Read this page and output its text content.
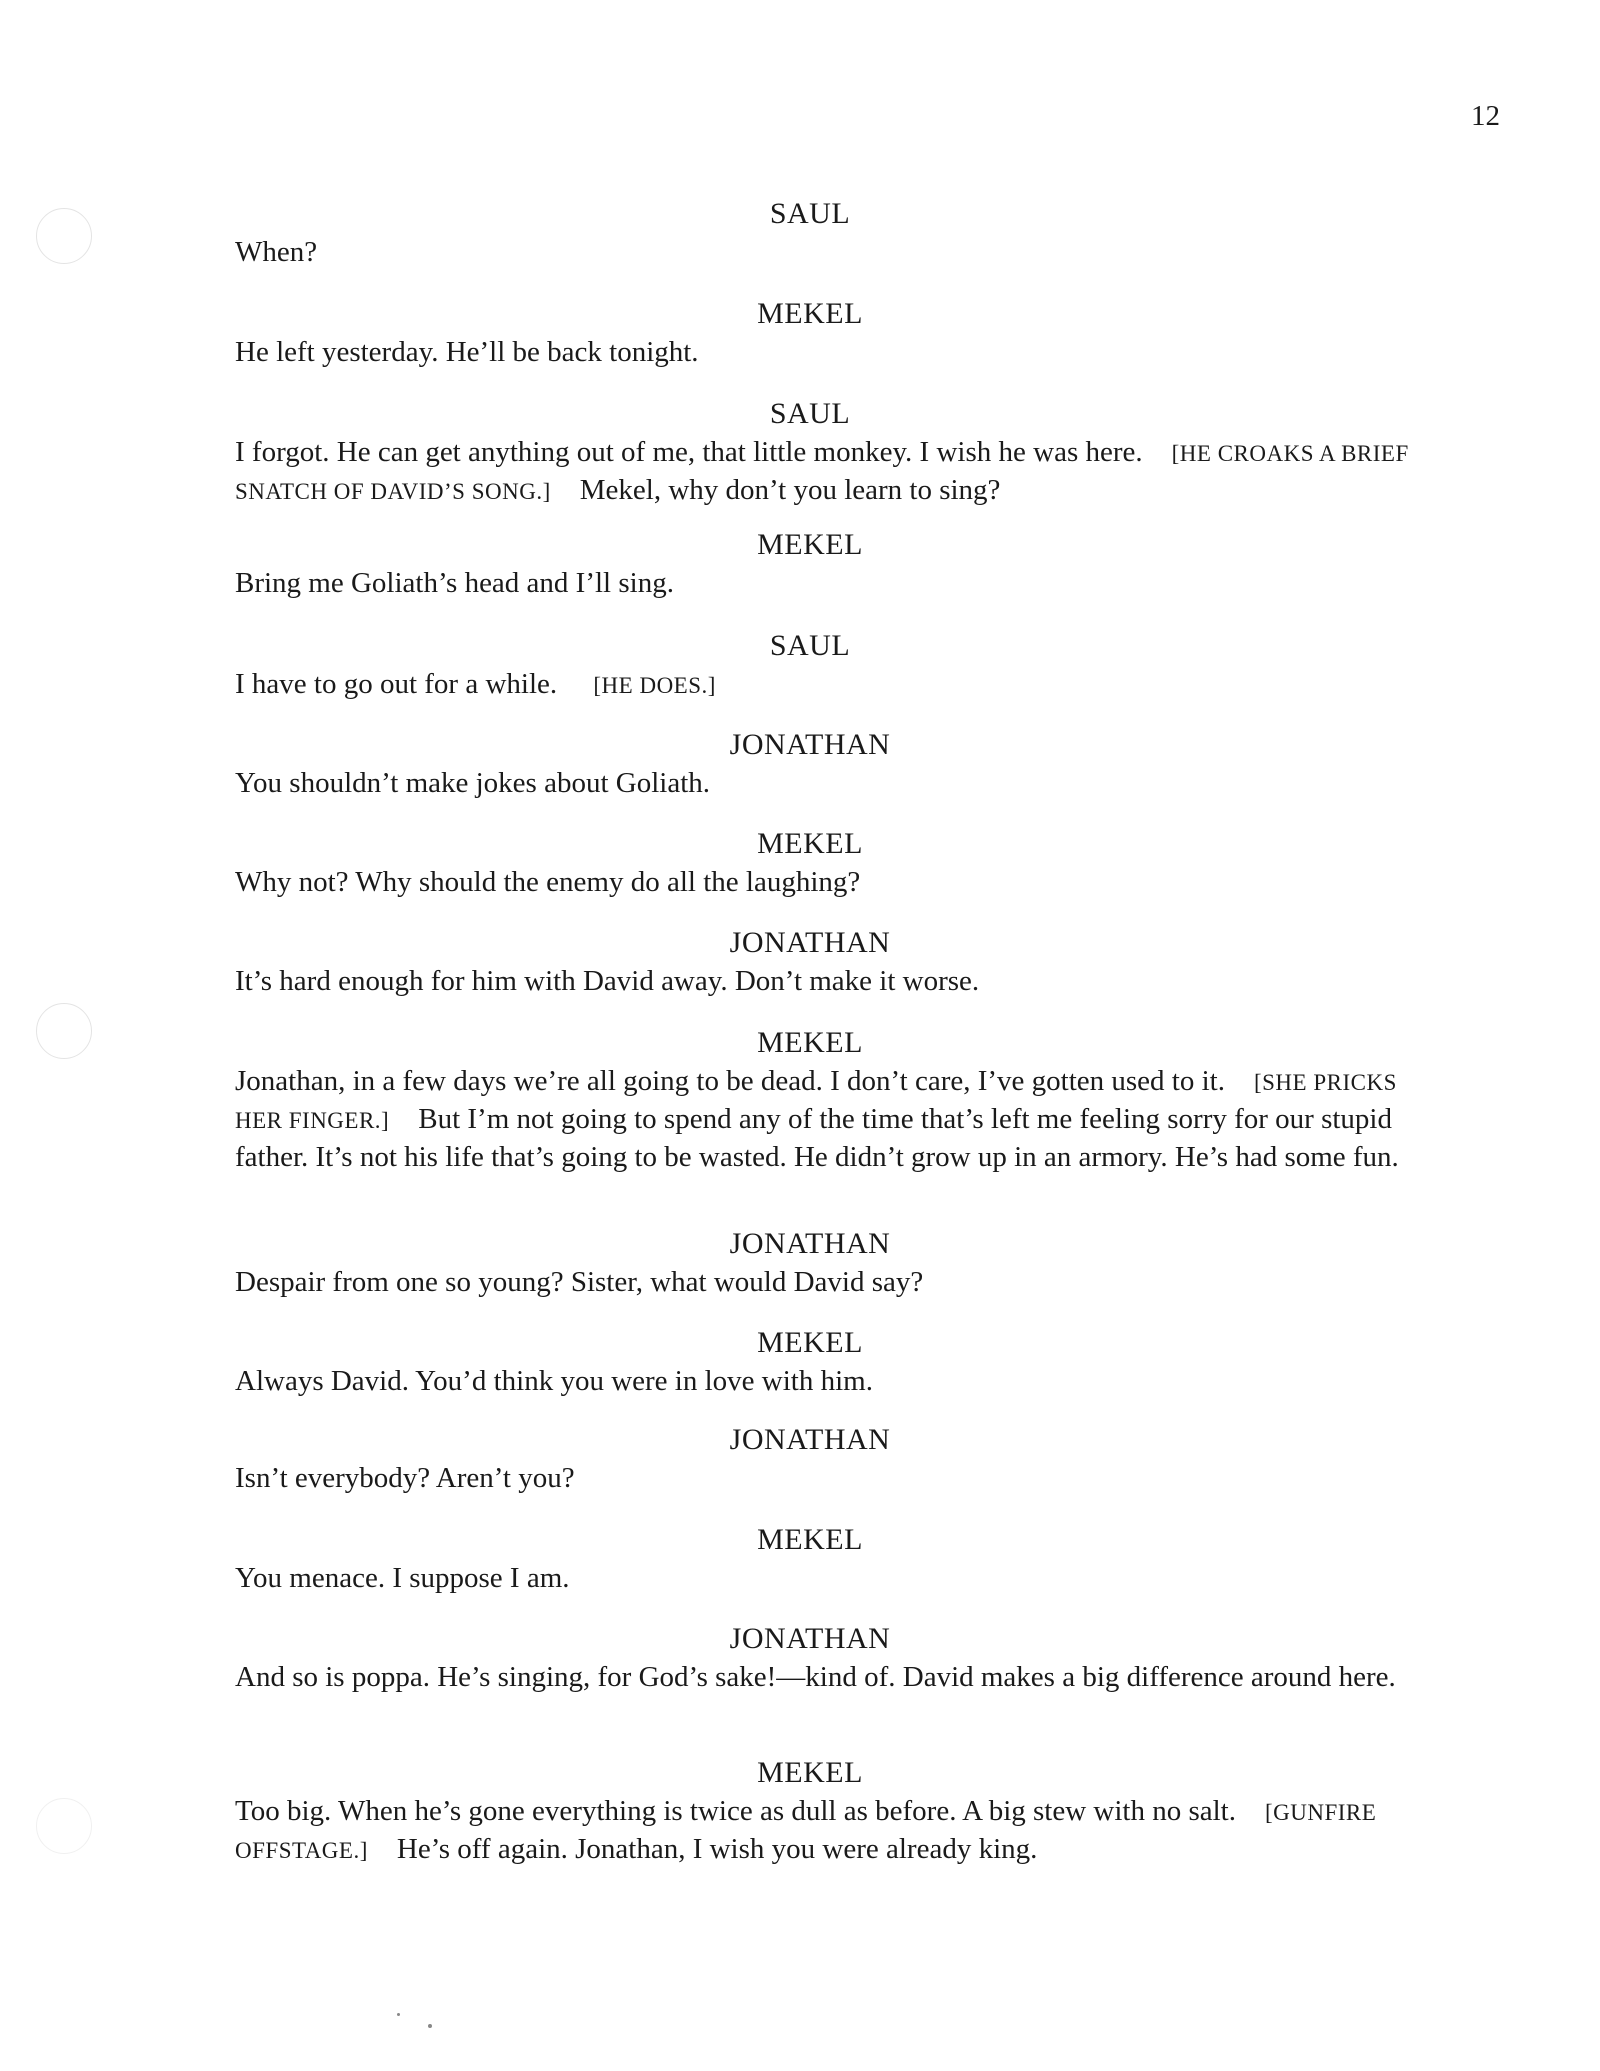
12
SAUL
When?
MEKEL
He left yesterday. He’ll be back tonight.
SAUL
I forgot. He can get anything out of me, that little monkey. I wish he was here. [HE CROAKS A BRIEF SNATCH OF DAVID’S SONG.] Mekel, why don’t you learn to sing?
MEKEL
Bring me Goliath’s head and I’ll sing.
SAUL
I have to go out for a while. [HE DOES.]
JONATHAN
You shouldn’t make jokes about Goliath.
MEKEL
Why not? Why should the enemy do all the laughing?
JONATHAN
It’s hard enough for him with David away. Don’t make it worse.
MEKEL
Jonathan, in a few days we’re all going to be dead. I don’t care, I’ve gotten used to it. [SHE PRICKS HER FINGER.] But I’m not going to spend any of the time that’s left me feeling sorry for our stupid father. It’s not his life that’s going to be wasted. He didn’t grow up in an armory. He’s had some fun.
JONATHAN
Despair from one so young? Sister, what would David say?
MEKEL
Always David. You’d think you were in love with him.
JONATHAN
Isn’t everybody? Aren’t you?
MEKEL
You menace. I suppose I am.
JONATHAN
And so is poppa. He’s singing, for God’s sake!—kind of. David makes a big difference around here.
MEKEL
Too big. When he’s gone everything is twice as dull as before. A big stew with no salt. [GUNFIRE OFFSTAGE.] He’s off again. Jonathan, I wish you were already king.
